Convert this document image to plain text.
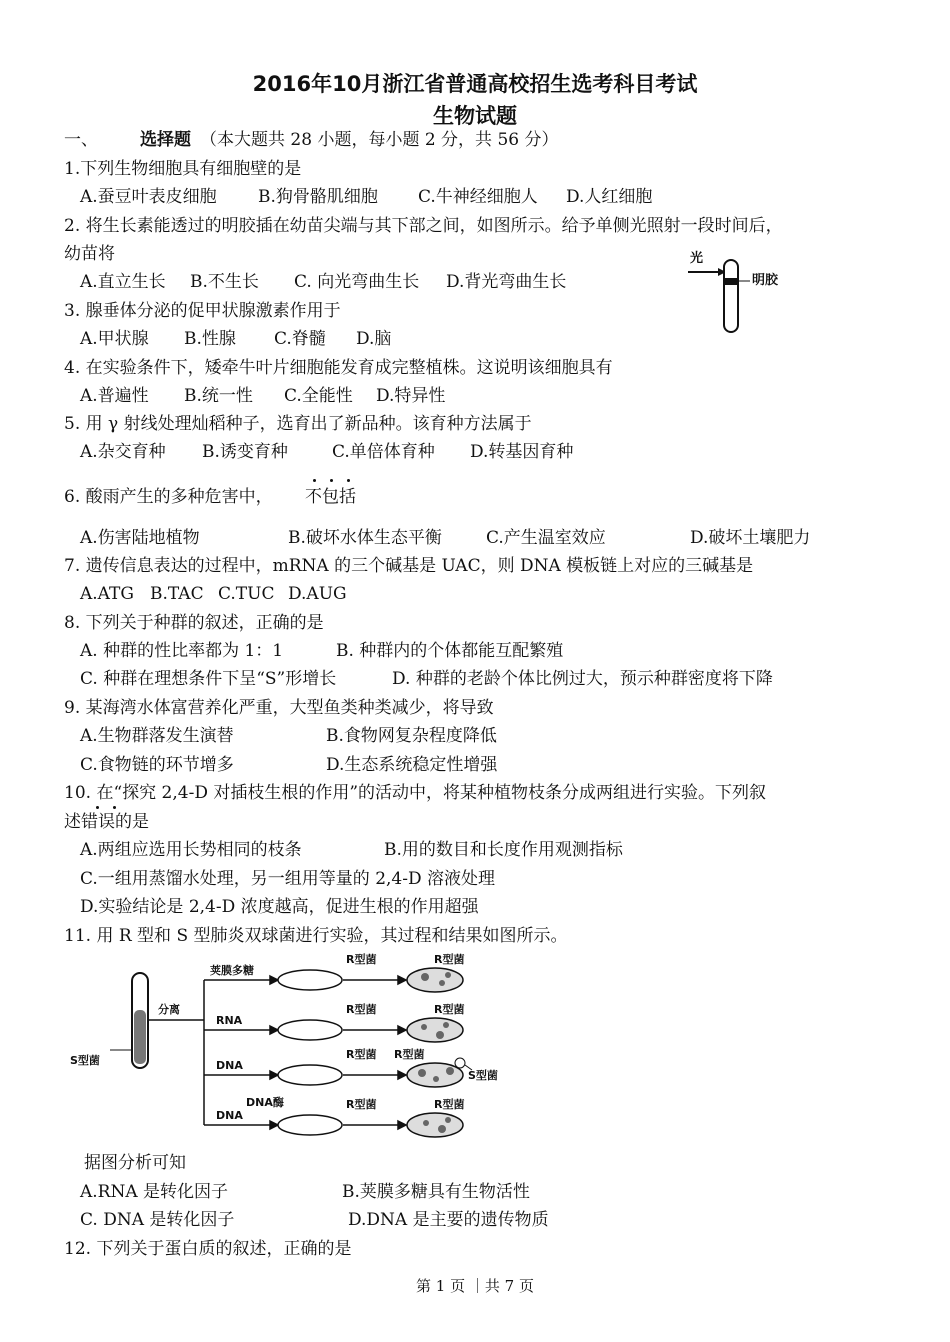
2016年10月浙江省普通高校招生选考科目考试
生物试题
一、 选择题 （本大题共 28 小题，每小题 2 分，共 56 分）
1.下列生物细胞具有细胞壁的是
A.蚕豆叶表皮细胞 B.狗骨骼肌细胞 C.牛神经细胞人 D.人红细胞
2. 将生长素能透过的明胶插在幼苗尖端与其下部之间，如图所示。给予单侧光照射一段时间后，
幼苗将
A.直立生长 B.不生长 C. 向光弯曲生长 D.背光弯曲生长
光
明胶
3. 腺垂体分泌的促甲状腺激素作用于
A.甲状腺 B.性腺 C.脊髓 D.脑
4. 在实验条件下，矮牵牛叶片细胞能发育成完整植株。这说明该细胞具有
A.普遍性 B.统一性 C.全能性 D.特异性
5. 用 γ 射线处理灿稻种子，选育出了新品种。该育种方法属于
A.杂交育种 B.诱变育种	C.单倍体育种 D.转基因育种
6. 酸雨产生的多种危害中， 不包括
A.伤害陆地植物	B.破坏水体生态平衡	C.产生温室效应	D.破坏土壤肥力
7. 遗传信息表达的过程中，mRNA 的三个碱基是 UAC，则 DNA 模板链上对应的三碱基是
A.ATG B.TAC C.TUC D.AUG
8. 下列关于种群的叙述，正确的是
A. 种群的性比率都为 1：1	B. 种群内的个体都能互配繁殖
C. 种群在理想条件下呈“S”形增长	D. 种群的老龄个体比例过大，预示种群密度将下降
9. 某海湾水体富营养化严重，大型鱼类种类减少，将导致
A.生物群落发生演替	B.食物网复杂程度降低
C.食物链的环节增多	D.生态系统稳定性增强
10. 在“探究 2,4-D 对插枝生根的作用”的活动中，将某种植物枝条分成两组进行实验。下列叙
述错误的是
A.两组应选用长势相同的枝条	B.用的数目和长度作用观测指标
C.一组用蒸馏水处理，另一组用等量的 2,4-D 溶液处理
D.实验结论是 2,4-D 浓度越高，促进生根的作用超强
11. 用 R 型和 S 型肺炎双球菌进行实验，其过程和结果如图所示。
S型菌
分离
荚膜多糖
RNA
DNA
DNA
DNA酶
R型菌	R型菌
R型菌	R型菌
R型菌 R型菌
S型菌
R型菌	R型菌
据图分析可知
A.RNA 是转化因子	B.荚膜多糖具有生物活性
C. DNA 是转化因子	D.DNA 是主要的遗传物质
12. 下列关于蛋白质的叙述，正确的是
第 1 页 ｜共 7 页
